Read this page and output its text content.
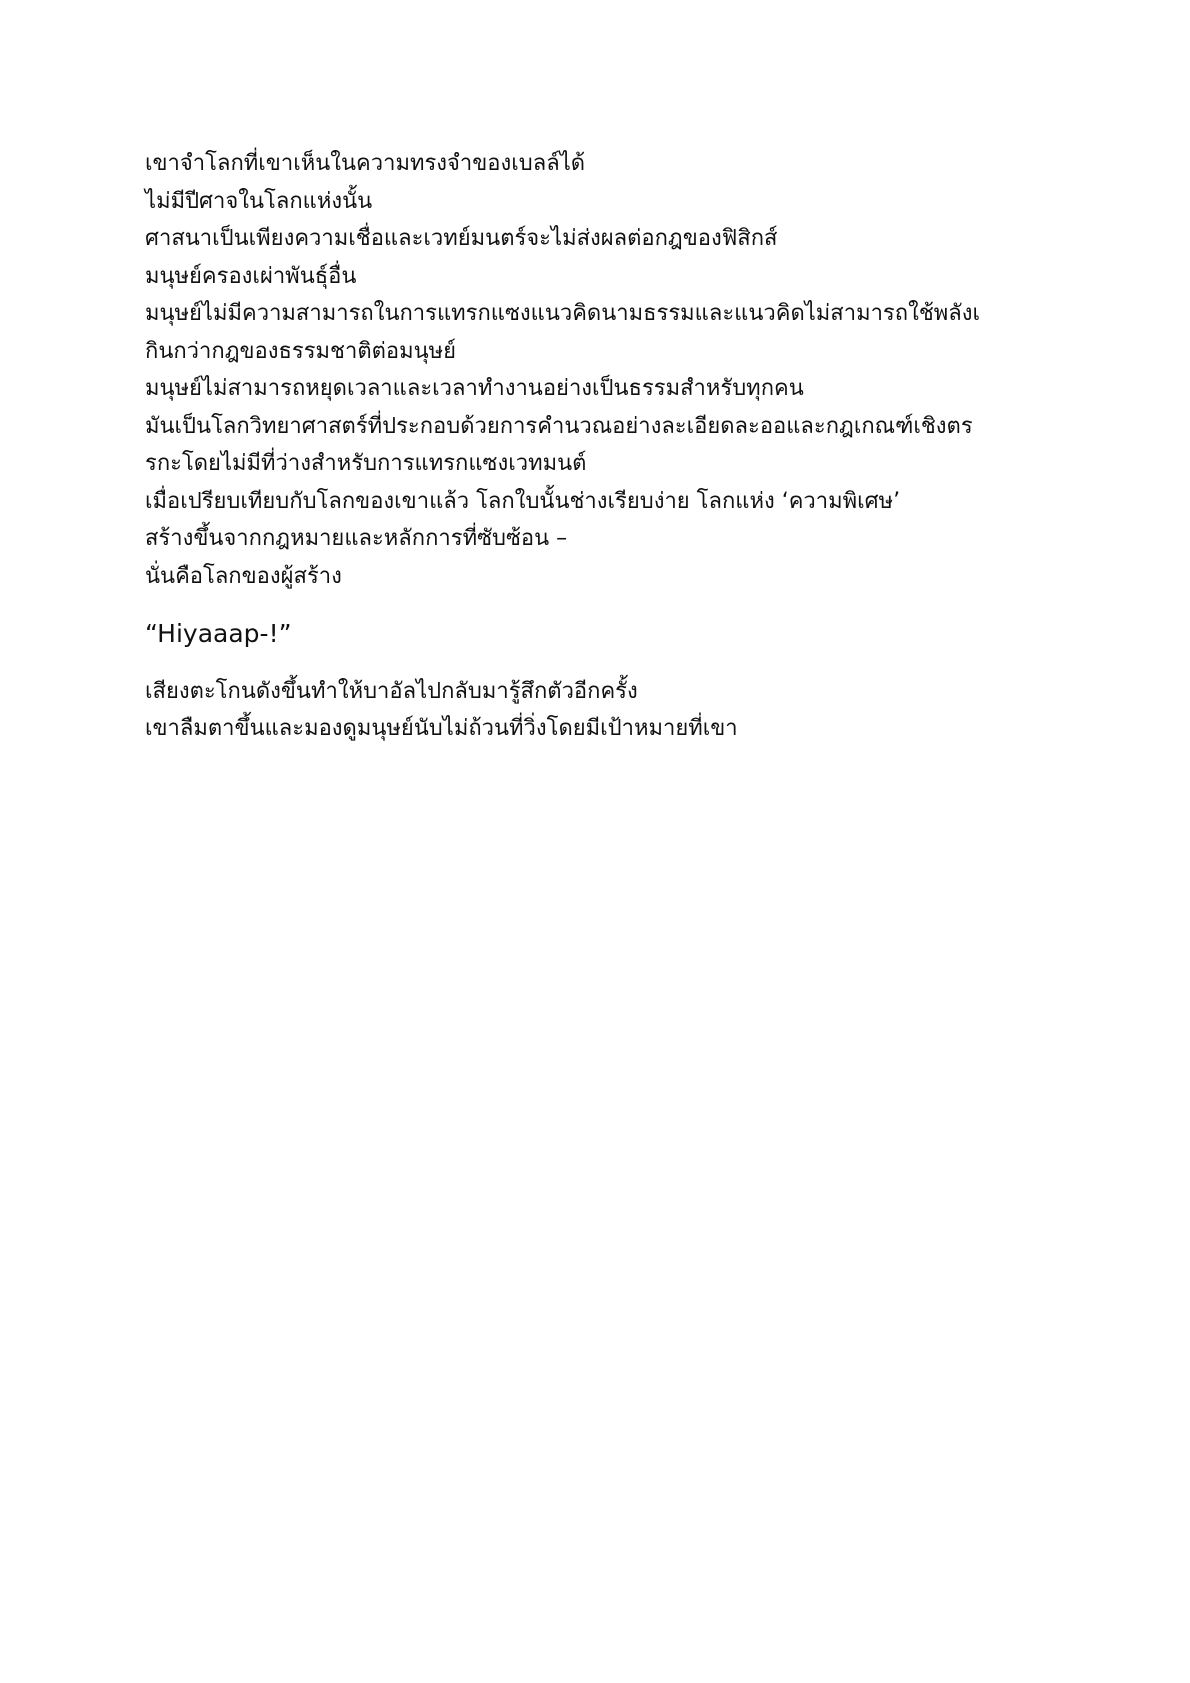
เขาจำโลกที่เขาเห็นในความทรงจำของเบลล์ได้
ไม่มีปีศาจในโลกแห่งนั้น
ศาสนาเป็นเพียงความเชื่อและเวทย์มนตร์จะไม่ส่งผลต่อกฎของฟิสิกส์
มนุษย์ครองเผ่าพันธุ์อื่น
มนุษย์ไม่มีความสามารถในการแทรกแซงแนวคิดนามธรรมและแนวคิดไม่สามารถใช้พลังเ
กินกว่ากฎของธรรมชาติต่อมนุษย์
มนุษย์ไม่สามารถหยุดเวลาและเวลาทำงานอย่างเป็นธรรมสำหรับทุกคน
มันเป็นโลกวิทยาศาสตร์ที่ประกอบด้วยการคำนวณอย่างละเอียดละออและกฎเกณฑ์เชิงตร
รกะโดยไม่มีที่ว่างสำหรับการแทรกแซงเวทมนต์
เมื่อเปรียบเทียบกับโลกของเขาแล้ว โลกใบนั้นช่างเรียบง่าย โลกแห่ง ‘ความพิเศษ’
สร้างขึ้นจากกฎหมายและหลักการที่ซับซ้อน –
นั่นคือโลกของผู้สร้าง

“Hiyaaap-!”

เสียงตะโกนดังขึ้นทำให้บาอัลไปกลับมารู้สึกตัวอีกครั้ง
เขาลืมตาขึ้นและมองดูมนุษย์นับไม่ถ้วนที่วิ่งโดยมีเป้าหมายที่เขา
